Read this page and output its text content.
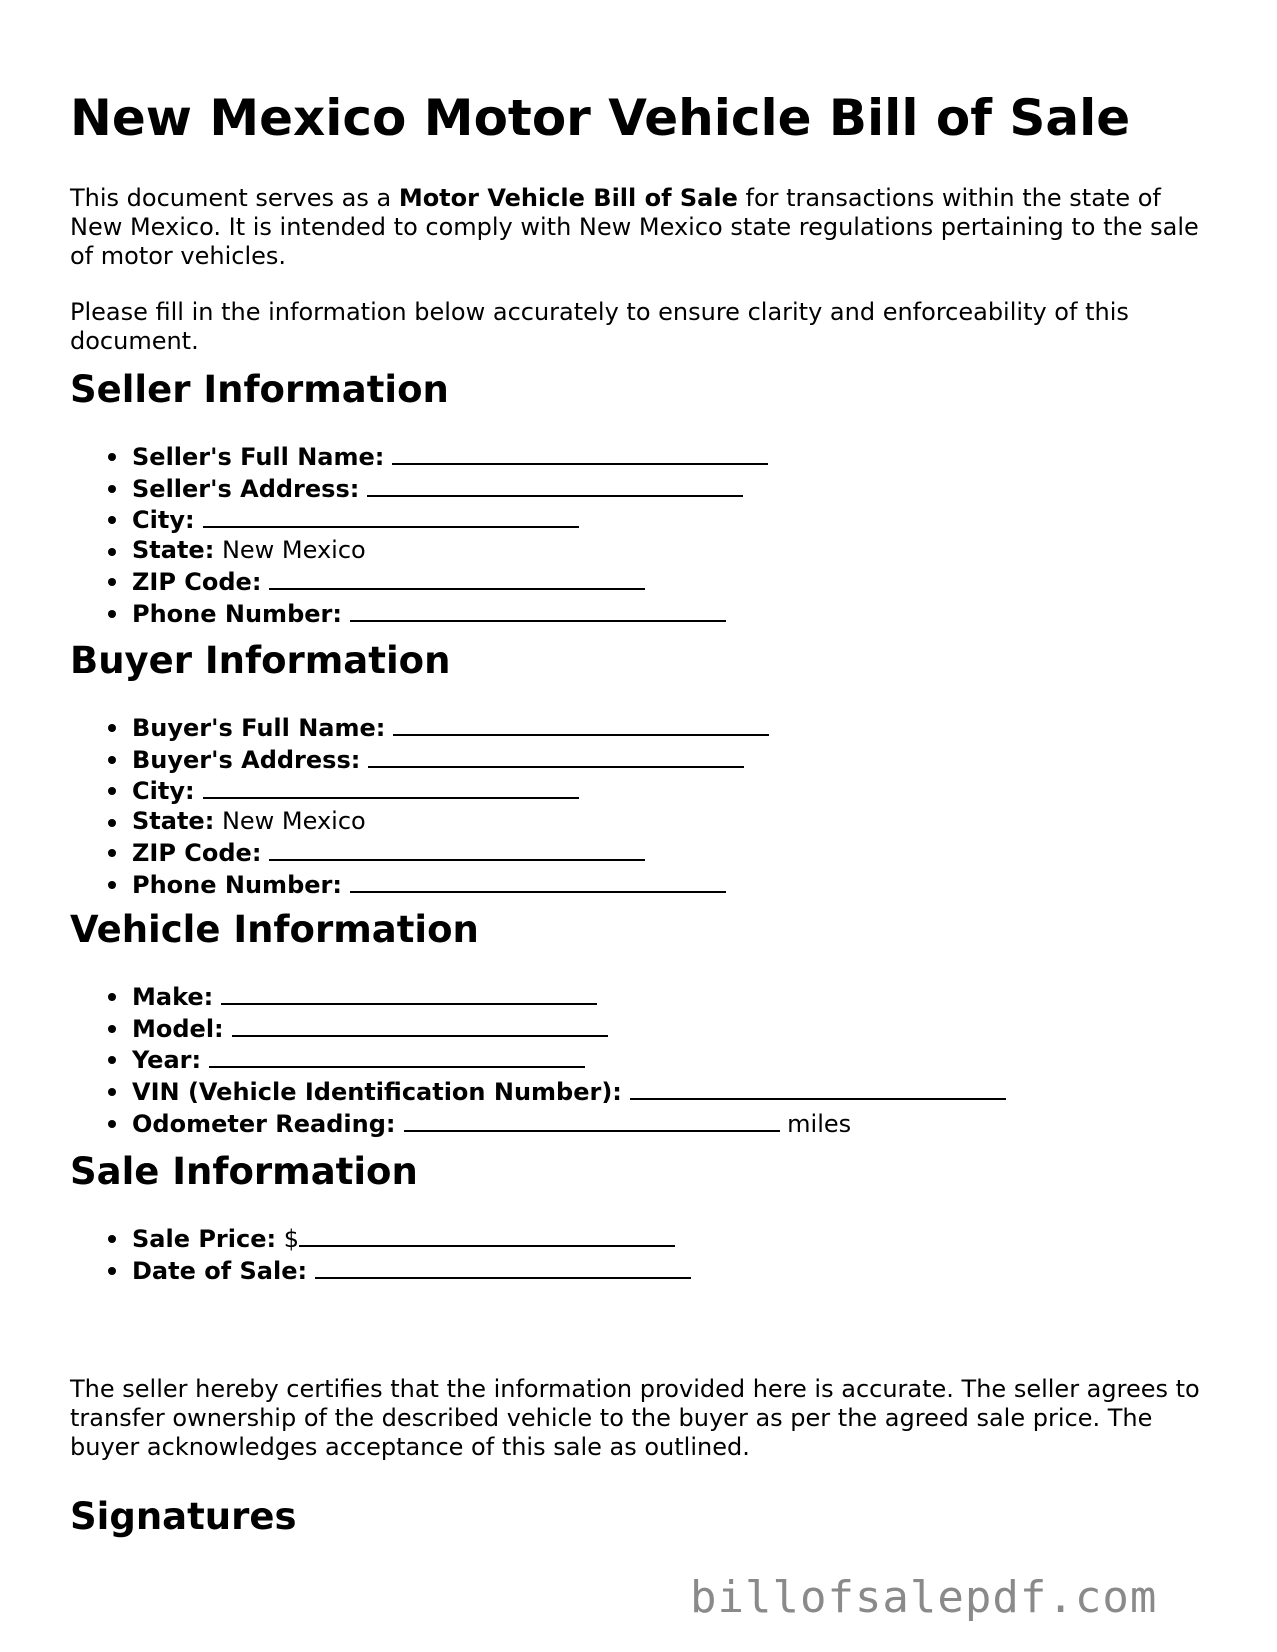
New Mexico Motor Vehicle Bill of Sale

This document serves as a Motor Vehicle Bill of Sale for transactions within the state of New Mexico. It is intended to comply with New Mexico state regulations pertaining to the sale of motor vehicles.

Please fill in the information below accurately to ensure clarity and enforceability of this document.

Seller Information
Seller's Full Name:
Seller's Address:
City:
State: New Mexico
ZIP Code:
Phone Number:
Buyer Information
Buyer's Full Name:
Buyer's Address:
City:
State: New Mexico
ZIP Code:
Phone Number:
Vehicle Information
Make:
Model:
Year:
VIN (Vehicle Identification Number):
Odometer Reading:	miles
Sale Information
Sale Price: $
Date of Sale:

The seller hereby certifies that the information provided here is accurate. The seller agrees to transfer ownership of the described vehicle to the buyer as per the agreed sale price. The buyer acknowledges acceptance of this sale as outlined.

Signatures
billofsalepdf.com
